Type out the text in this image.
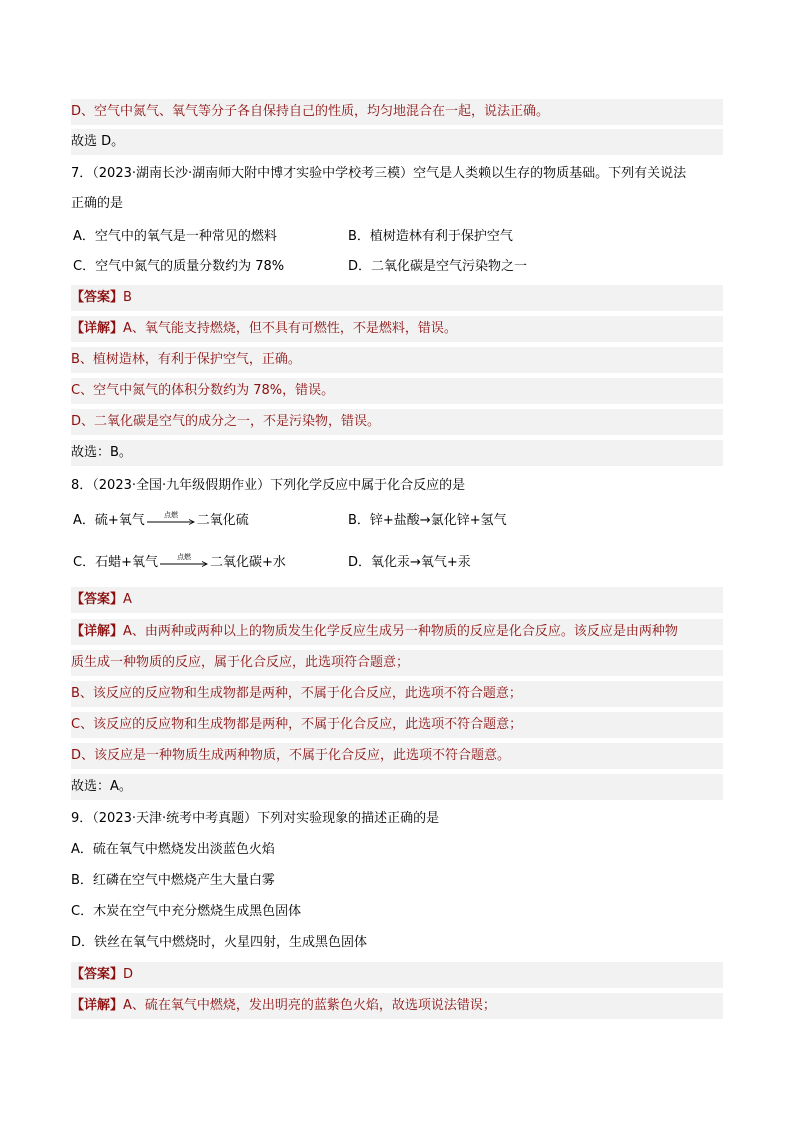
D、空气中氮气、氧气等分子各自保持自己的性质，均匀地混合在一起，说法正确。
故选 D。
7．（2023·湖南长沙·湖南师大附中博才实验中学校考三模）空气是人类赖以生存的物质基础。下列有关说法
正确的是
A．空气中的氧气是一种常见的燃料	B．植树造林有利于保护空气
C．空气中氮气的质量分数约为 78%	D．二氧化碳是空气污染物之一
【答案】B
【详解】A、氧气能支持燃烧，但不具有可燃性，不是燃料，错误。
B、植树造林，有利于保护空气，正确。
C、空气中氮气的体积分数约为 78%，错误。
D、二氧化碳是空气的成分之一，不是污染物，错误。
故选：B。
8．（2023·全国·九年级假期作业）下列化学反应中属于化合反应的是
A．硫+氧气	点燃 二氧化硫	B．锌+盐酸→氯化锌+氢气
C．石蜡+氧气	点燃 二氧化碳+水	D．氧化汞→氧气+汞
【答案】A
【详解】A、由两种或两种以上的物质发生化学反应生成另一种物质的反应是化合反应。该反应是由两种物
质生成一种物质的反应，属于化合反应，此选项符合题意；
B、该反应的反应物和生成物都是两种，不属于化合反应，此选项不符合题意；
C、该反应的反应物和生成物都是两种，不属于化合反应，此选项不符合题意；
D、该反应是一种物质生成两种物质，不属于化合反应，此选项不符合题意。
故选：A。
9．（2023·天津·统考中考真题）下列对实验现象的描述正确的是
A．硫在氧气中燃烧发出淡蓝色火焰
B．红磷在空气中燃烧产生大量白雾
C．木炭在空气中充分燃烧生成黑色固体
D．铁丝在氧气中燃烧时，火星四射，生成黑色固体
【答案】D
【详解】A、硫在氧气中燃烧，发出明亮的蓝紫色火焰，故选项说法错误；
